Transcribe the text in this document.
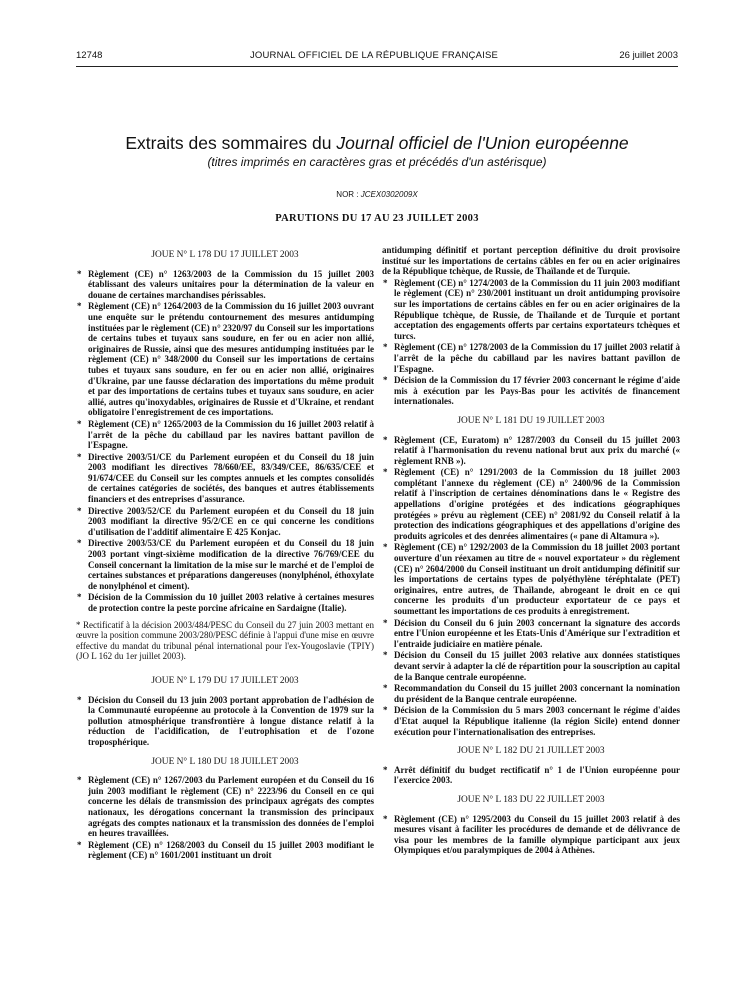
12748	JOURNAL OFFICIEL DE LA RÉPUBLIQUE FRANÇAISE	26 juillet 2003
Extraits des sommaires du Journal officiel de l'Union européenne
(titres imprimés en caractères gras et précédés d'un astérisque)
NOR : JCEX0302009X
PARUTIONS DU 17 AU 23 JUILLET 2003
JOUE N° L 178 DU 17 JUILLET 2003
* Règlement (CE) n° 1263/2003 de la Commission du 15 juillet 2003 établissant des valeurs unitaires pour la détermination de la valeur en douane de certaines marchandises périssables.
* Règlement (CE) n° 1264/2003 de la Commission du 16 juillet 2003 ouvrant une enquête sur le prétendu contournement des mesures antidumping instituées par le règlement (CE) n° 2320/97 du Conseil sur les importations de certains tubes et tuyaux sans soudure, en fer ou en acier non allié, originaires de Russie, ainsi que des mesures antidumping instituées par le règlement (CE) n° 348/2000 du Conseil sur les importations de certains tubes et tuyaux sans soudure, en fer ou en acier non allié, originaires d'Ukraine, par une fausse déclaration des importations du même produit et par des importations de certains tubes et tuyaux sans soudure, en acier allié, autres qu'inoxydables, originaires de Russie et d'Ukraine, et rendant obligatoire l'enregistrement de ces importations.
* Règlement (CE) n° 1265/2003 de la Commission du 16 juillet 2003 relatif à l'arrêt de la pêche du cabillaud par les navires battant pavillon de l'Espagne.
* Directive 2003/51/CE du Parlement européen et du Conseil du 18 juin 2003 modifiant les directives 78/660/EE, 83/349/CEE, 86/635/CEE et 91/674/CEE du Conseil sur les comptes annuels et les comptes consolidés de certaines catégories de sociétés, des banques et autres établissements financiers et des entreprises d'assurance.
* Directive 2003/52/CE du Parlement européen et du Conseil du 18 juin 2003 modifiant la directive 95/2/CE en ce qui concerne les conditions d'utilisation de l'additif alimentaire E 425 Konjac.
* Directive 2003/53/CE du Parlement européen et du Conseil du 18 juin 2003 portant vingt-sixième modification de la directive 76/769/CEE du Conseil concernant la limitation de la mise sur le marché et de l'emploi de certaines substances et préparations dangereuses (nonylphénol, éthoxylate de nonylphénol et ciment).
* Décision de la Commission du 10 juillet 2003 relative à certaines mesures de protection contre la peste porcine africaine en Sardaigne (Italie).
* Rectificatif à la décision 2003/484/PESC du Conseil du 27 juin 2003 mettant en œuvre la position commune 2003/280/PESC définie à l'appui d'une mise en œuvre effective du mandat du tribunal pénal international pour l'ex-Yougoslavie (TPIY) (JO L 162 du 1er juillet 2003).
JOUE N° L 179 DU 17 JUILLET 2003
* Décision du Conseil du 13 juin 2003 portant approbation de l'adhésion de la Communauté européenne au protocole à la Convention de 1979 sur la pollution atmosphérique transfrontière à longue distance relatif à la réduction de l'acidification, de l'eutrophisation et de l'ozone troposphérique.
JOUE N° L 180 DU 18 JUILLET 2003
* Règlement (CE) n° 1267/2003 du Parlement européen et du Conseil du 16 juin 2003 modifiant le règlement (CE) n° 2223/96 du Conseil en ce qui concerne les délais de transmission des principaux agrégats des comptes nationaux, les dérogations concernant la transmission des principaux agrégats des comptes nationaux et la transmission des données de l'emploi en heures travaillées.
* Règlement (CE) n° 1268/2003 du Conseil du 15 juillet 2003 modifiant le règlement (CE) n° 1601/2001 instituant un droit
antidumping définitif et portant perception définitive du droit provisoire institué sur les importations de certains câbles en fer ou en acier originaires de la République tchèque, de Russie, de Thaïlande et de Turquie.
* Règlement (CE) n° 1274/2003 de la Commission du 11 juin 2003 modifiant le règlement (CE) n° 230/2001 instituant un droit antidumping provisoire sur les importations de certains câbles en fer ou en acier originaires de la République tchèque, de Russie, de Thaïlande et de Turquie et portant acceptation des engagements offerts par certains exportateurs tchèques et turcs.
* Règlement (CE) n° 1278/2003 de la Commission du 17 juillet 2003 relatif à l'arrêt de la pêche du cabillaud par les navires battant pavillon de l'Espagne.
* Décision de la Commission du 17 février 2003 concernant le régime d'aide mis à exécution par les Pays-Bas pour les activités de financement internationales.
JOUE N° L 181 DU 19 JUILLET 2003
* Règlement (CE, Euratom) n° 1287/2003 du Conseil du 15 juillet 2003 relatif à l'harmonisation du revenu national brut aux prix du marché (« règlement RNB »).
* Règlement (CE) n° 1291/2003 de la Commission du 18 juillet 2003 complétant l'annexe du règlement (CE) n° 2400/96 de la Commission relatif à l'inscription de certaines dénominations dans le « Registre des appellations d'origine protégées et des indications géographiques protégées » prévu au règlement (CEE) n° 2081/92 du Conseil relatif à la protection des indications géographiques et des appellations d'origine des produits agricoles et des denrées alimentaires (« pane di Altamura »).
* Règlement (CE) n° 1292/2003 de la Commission du 18 juillet 2003 portant ouverture d'un réexamen au titre de « nouvel exportateur » du règlement (CE) n° 2604/2000 du Conseil instituant un droit antidumping définitif sur les importations de certains types de polyéthylène téréphtalate (PET) originaires, entre autres, de Thaïlande, abrogeant le droit en ce qui concerne les produits d'un producteur exportateur de ce pays et soumettant les importations de ces produits à enregistrement.
* Décision du Conseil du 6 juin 2003 concernant la signature des accords entre l'Union européenne et les Etats-Unis d'Amérique sur l'extradition et l'entraide judiciaire en matière pénale.
* Décision du Conseil du 15 juillet 2003 relative aux données statistiques devant servir à adapter la clé de répartition pour la souscription au capital de la Banque centrale européenne.
* Recommandation du Conseil du 15 juillet 2003 concernant la nomination du président de la Banque centrale européenne.
* Décision de la Commission du 5 mars 2003 concernant le régime d'aides d'Etat auquel la République italienne (la région Sicile) entend donner exécution pour l'internationalisation des entreprises.
JOUE N° L 182 DU 21 JUILLET 2003
* Arrêt définitif du budget rectificatif n° 1 de l'Union européenne pour l'exercice 2003.
JOUE N° L 183 DU 22 JUILLET 2003
* Règlement (CE) n° 1295/2003 du Conseil du 15 juillet 2003 relatif à des mesures visant à faciliter les procédures de demande et de délivrance de visa pour les membres de la famille olympique participant aux jeux Olympiques et/ou paralympiques de 2004 à Athènes.
